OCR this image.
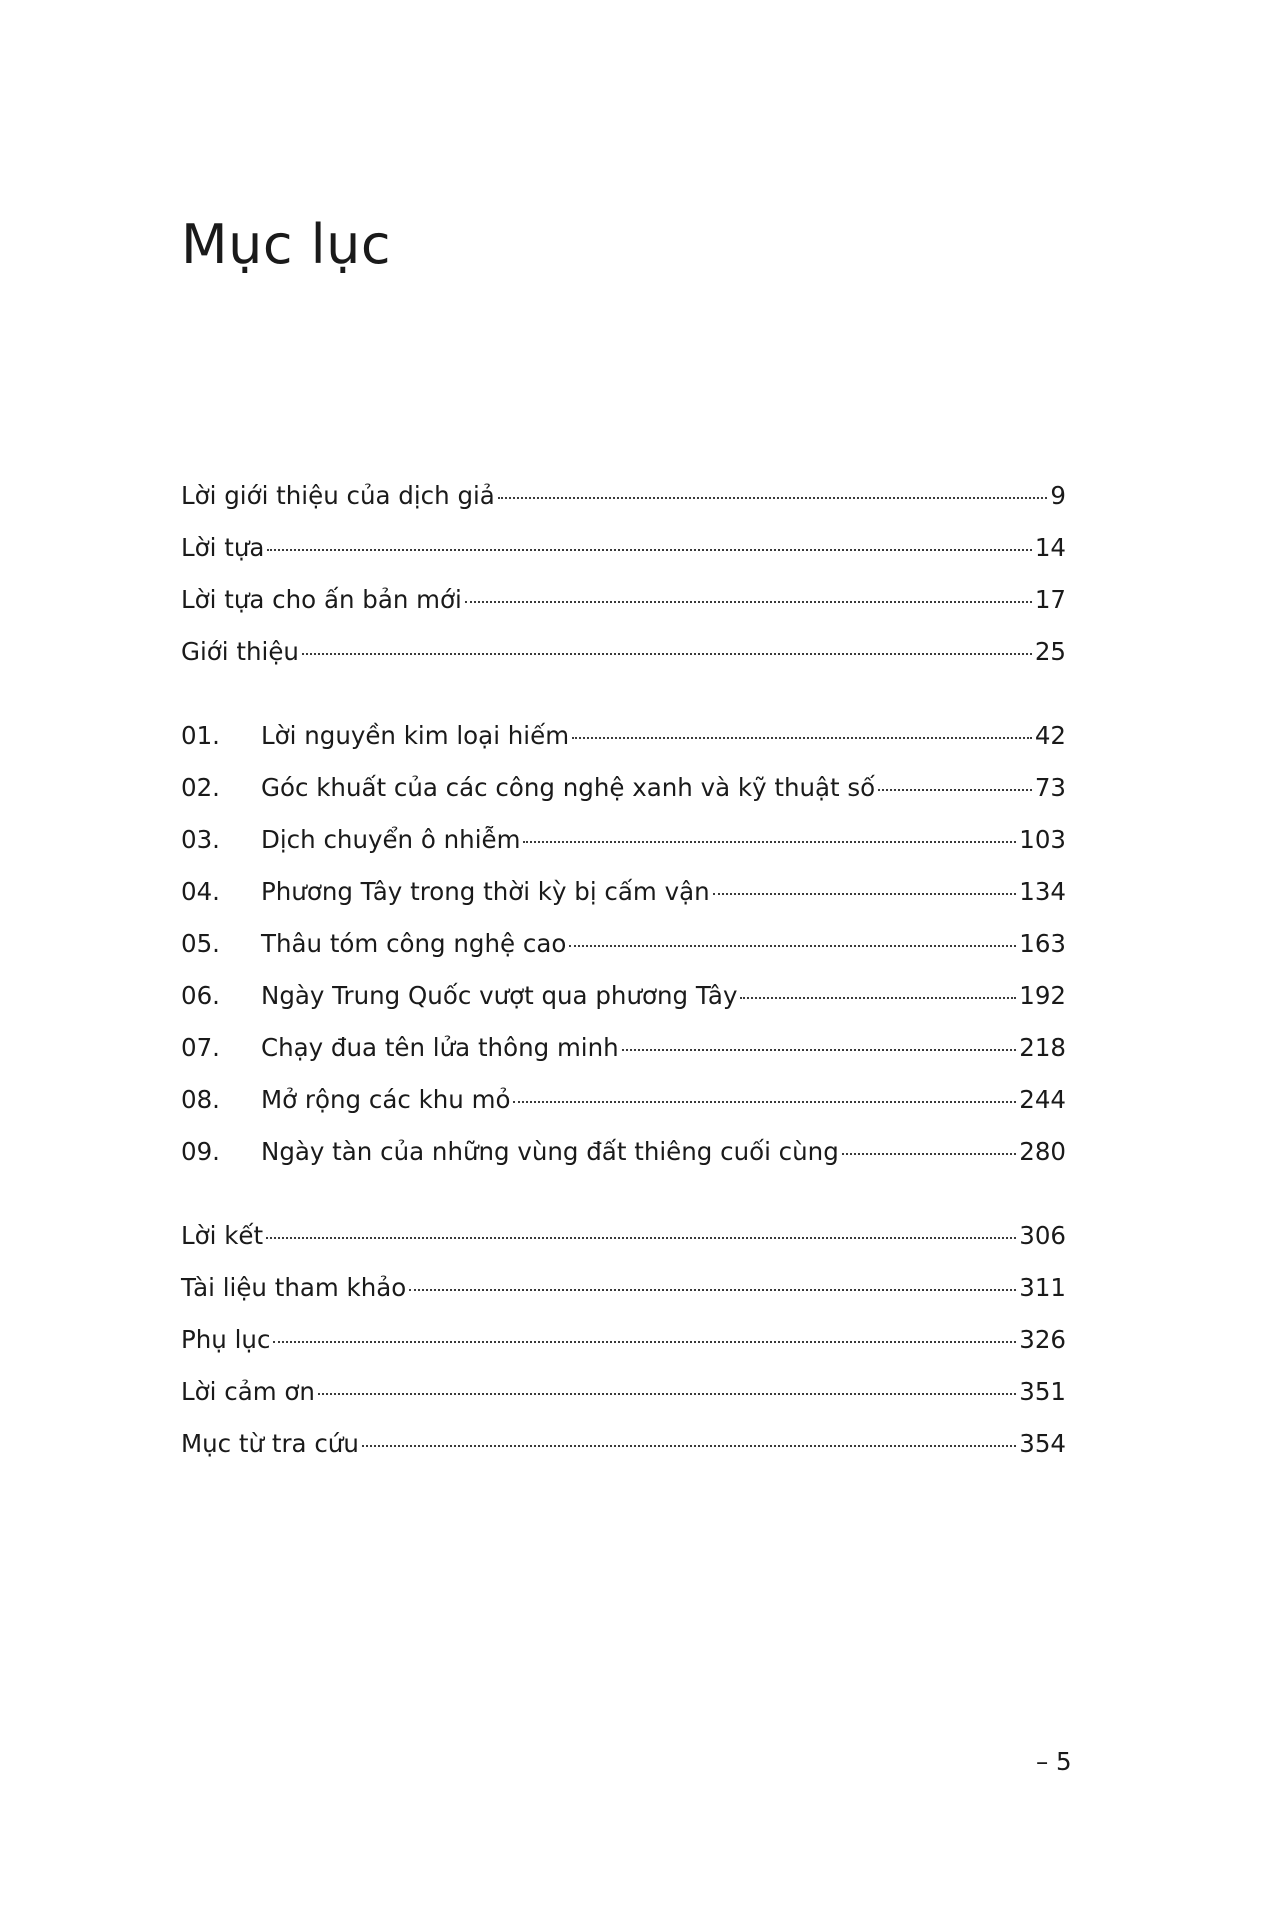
Mục lục
Lời giới thiệu của dịch giả	9
Lời tựa	14
Lời tựa cho ấn bản mới	17
Giới thiệu	25
01.	Lời nguyền kim loại hiếm	42
02.	Góc khuất của các công nghệ xanh và kỹ thuật số	73
03.	Dịch chuyển ô nhiễm	103
04.	Phương Tây trong thời kỳ bị cấm vận	134
05.	Thâu tóm công nghệ cao	163
06.	Ngày Trung Quốc vượt qua phương Tây	192
07.	Chạy đua tên lửa thông minh	218
08.	Mở rộng các khu mỏ	244
09.	Ngày tàn của những vùng đất thiêng cuối cùng	280
Lời kết	306
Tài liệu tham khảo	311
Phụ lục	326
Lời cảm ơn	351
Mục từ tra cứu	354
– 5
